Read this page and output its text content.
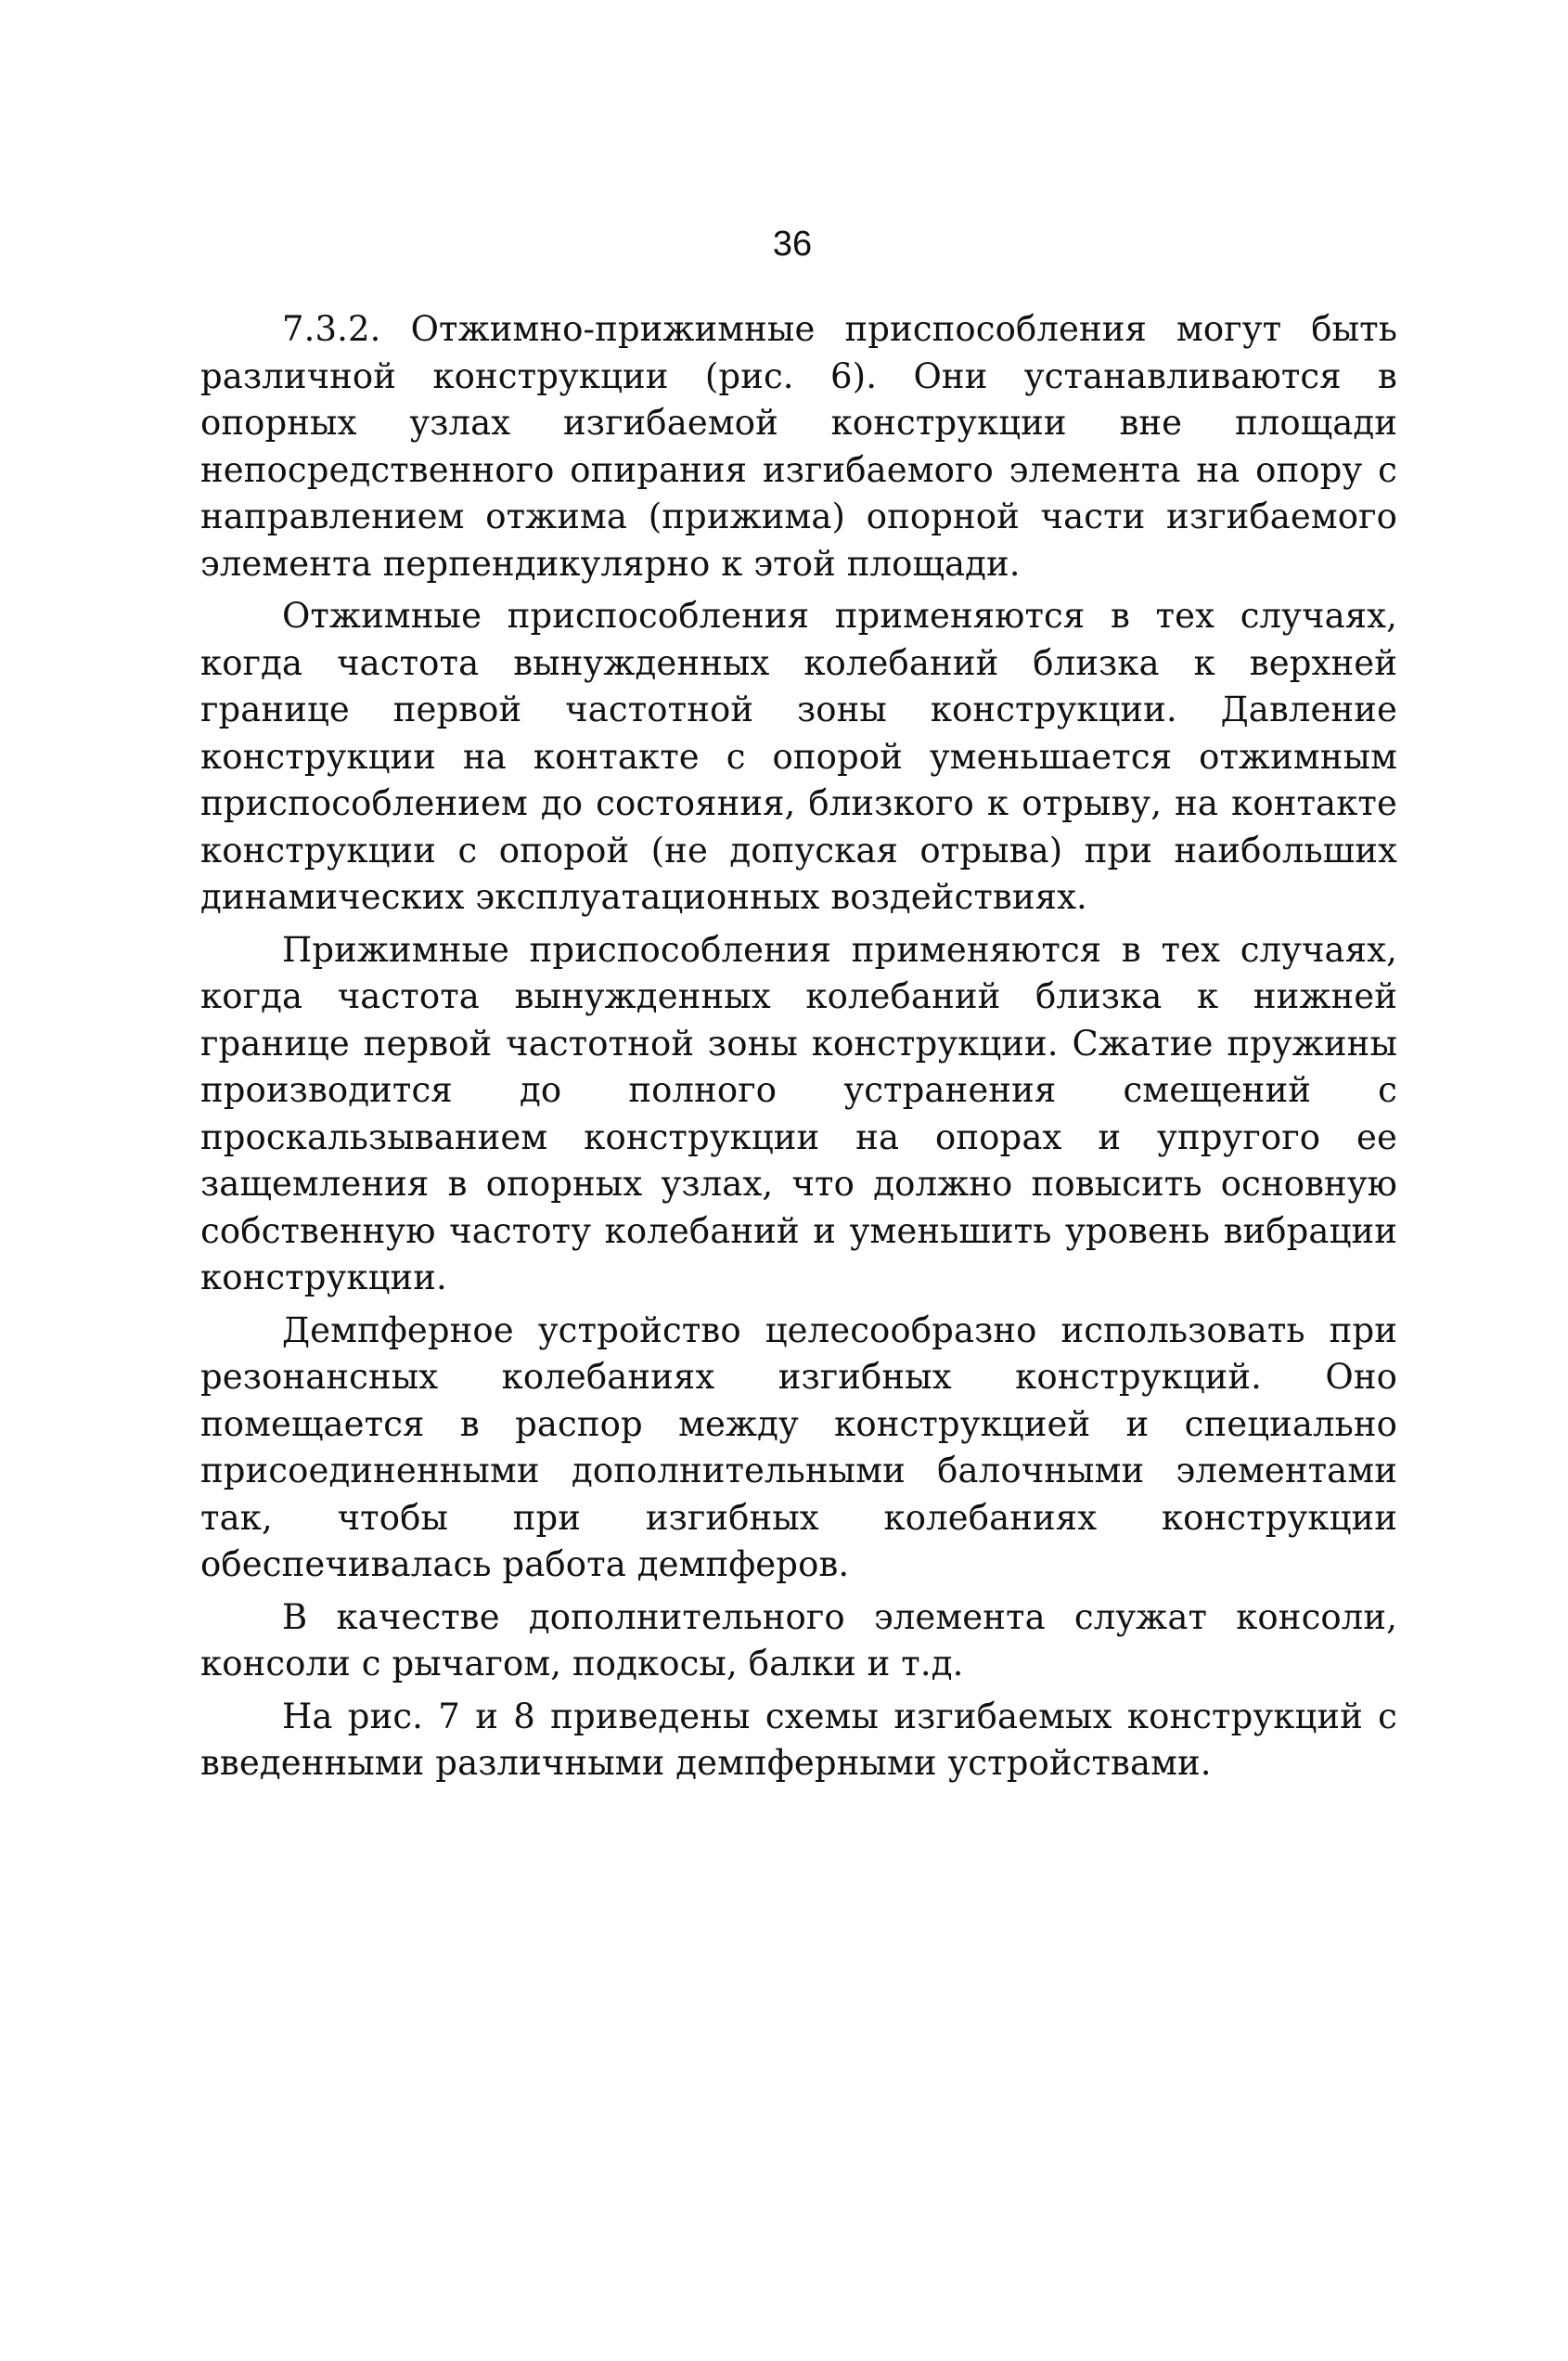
36

7.3.2. Отжимно-прижимные приспособления могут быть различной конструкции (рис. 6). Они устанавливаются в опорных узлах изгибаемой конструкции вне площади непосредственного опирания изгибаемого элемента на опору с направлением отжима (прижима) опорной части изгибаемого элемента перпендикулярно к этой площади.

Отжимные приспособления применяются в тех случаях, когда частота вынужденных колебаний близка к верхней границе первой частотной зоны конструкции. Давление конструкции на контакте с опорой уменьшается отжимным приспособлением до состояния, близкого к отрыву, на контакте конструкции с опорой (не допуская отрыва) при наибольших динамических эксплуатационных воздействиях.

Прижимные приспособления применяются в тех случаях, когда частота вынужденных колебаний близка к нижней границе первой частотной зоны конструкции. Сжатие пружины производится до полного устранения смещений с проскальзыванием конструкции на опорах и упругого ее защемления в опорных узлах, что должно повысить основную собственную частоту колебаний и уменьшить уровень вибрации конструкции.

Демпферное устройство целесообразно использовать при резонансных колебаниях изгибных конструкций. Оно помещается в распор между конструкцией и специально присоединенными дополнительными балочными элементами так, чтобы при изгибных колебаниях конструкции обеспечивалась работа демпферов.

В качестве дополнительного элемента служат консоли, консоли с рычагом, подкосы, балки и т.д.

На рис. 7 и 8 приведены схемы изгибаемых конструкций с введенными различными демпферными устройствами.
